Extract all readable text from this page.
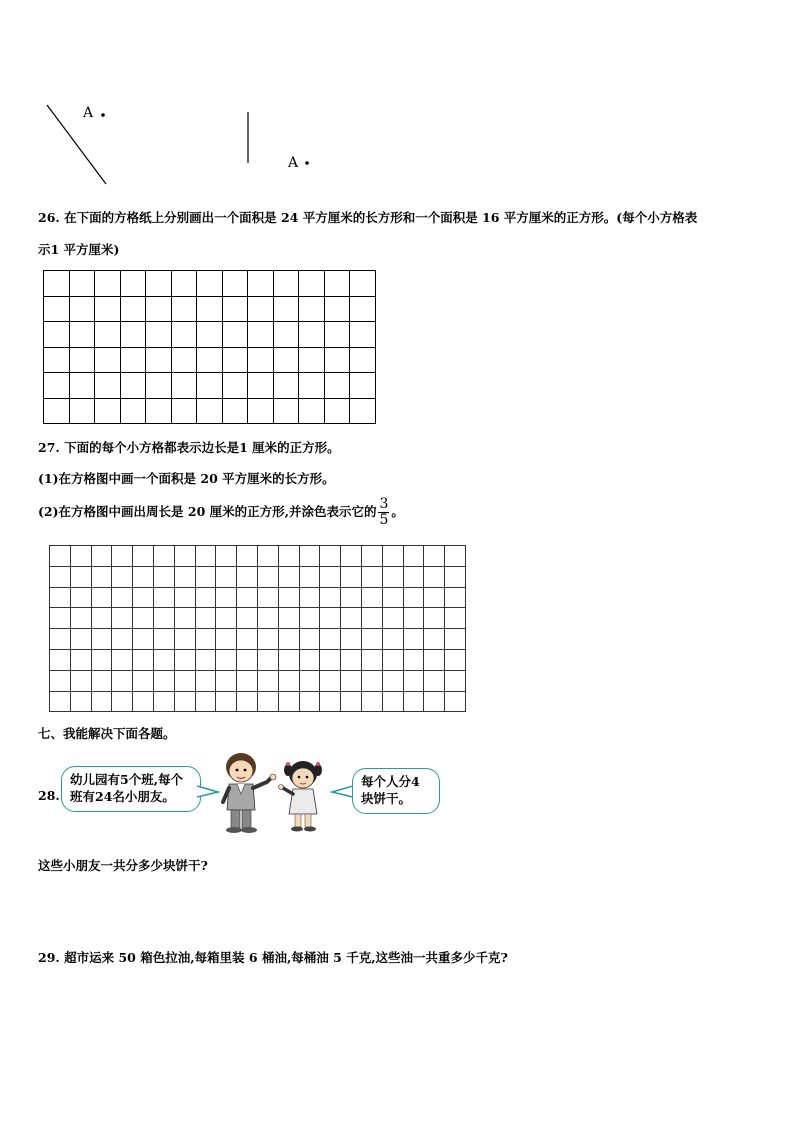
A
A
26. 在下面的方格纸上分别画出一个面积是 24 平方厘米的长方形和一个面积是 16 平方厘米的正方形。(每个小方格表
示1 平方厘米)

27. 下面的每个小方格都表示边长是1 厘米的正方形。
(1)在方格图中画一个面积是 20 平方厘米的长方形。
(2)在方格图中画出周长是 20 厘米的正方形,并涂色表示它的 $\frac{3}{5}$ 。

七、我能解决下面各题。
28.
幼儿园有5个班,每个班有24名小朋友。
每个人分4块饼干。
这些小朋友一共分多少块饼干?
29. 超市运来 50 箱色拉油,每箱里装 6 桶油,每桶油 5 千克,这些油一共重多少千克?
